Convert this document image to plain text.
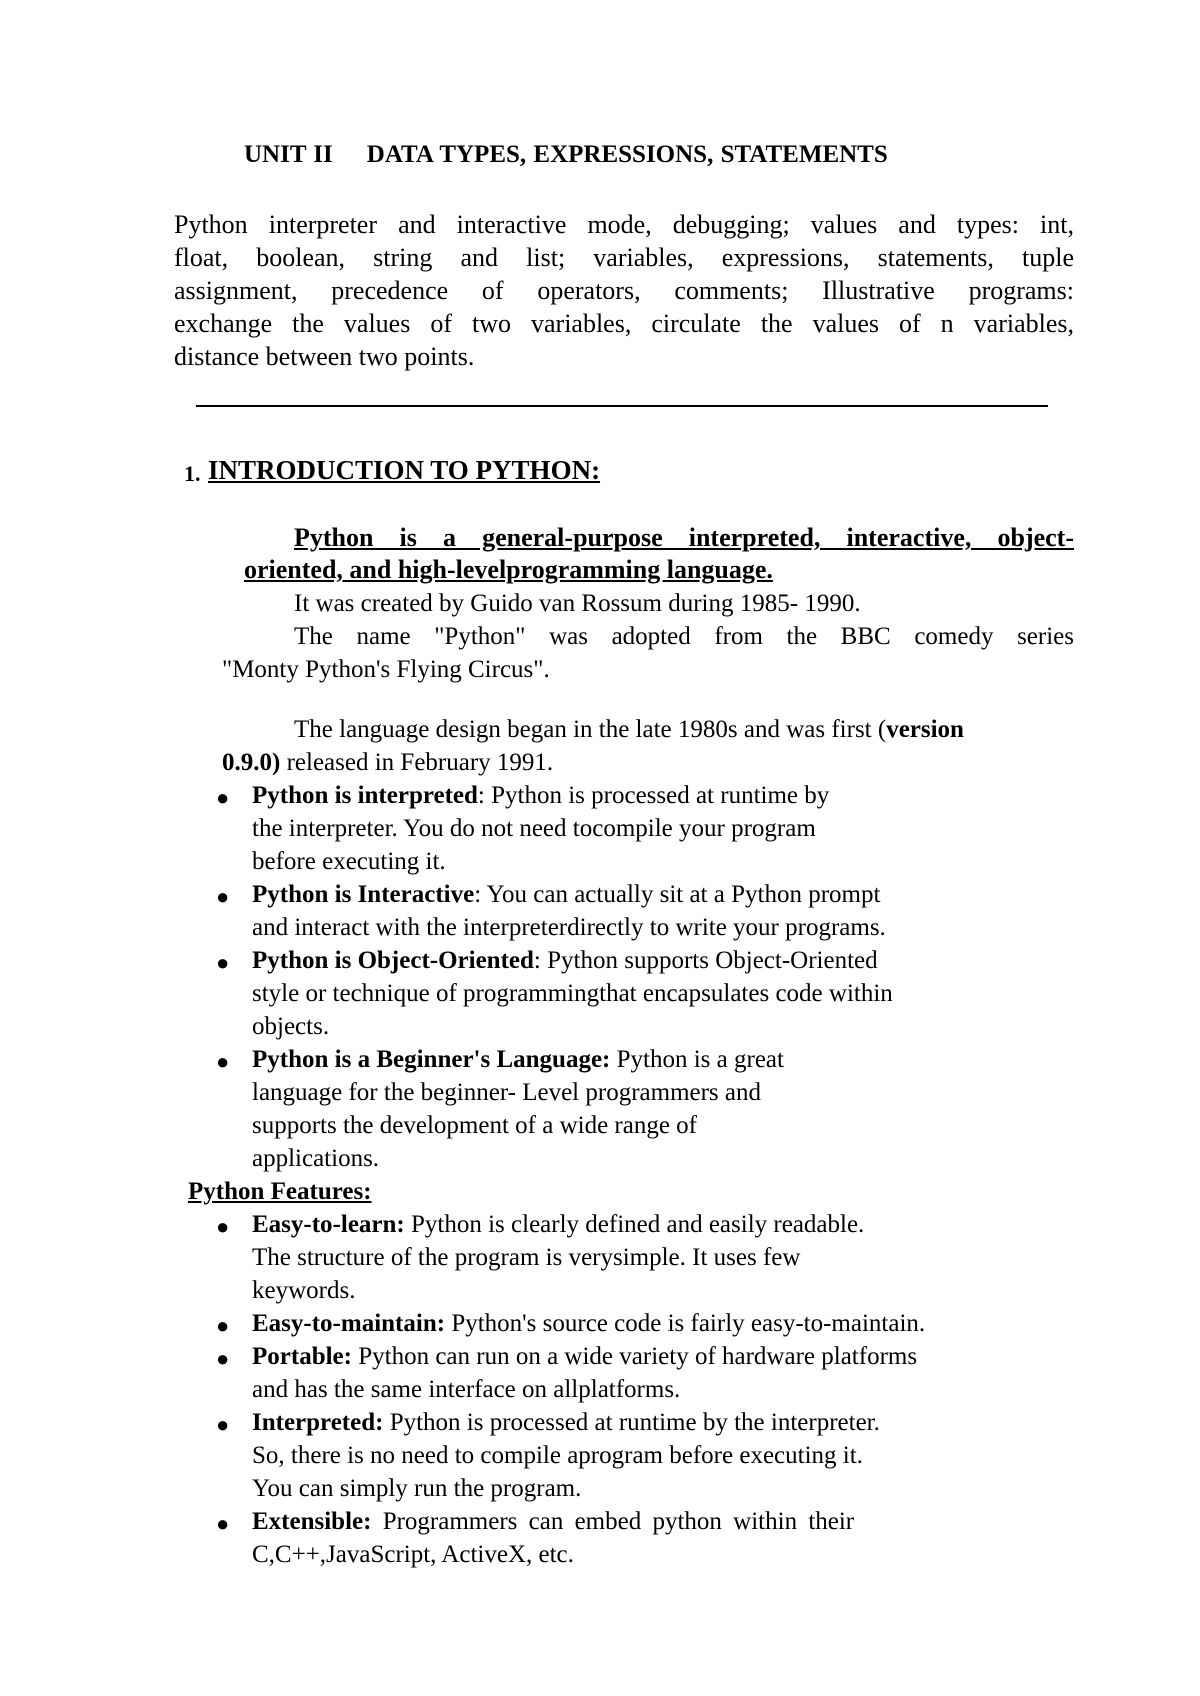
UNIT II DATA TYPES, EXPRESSIONS, STATEMENTS
Python interpreter and interactive mode, debugging; values and types: int,
float, boolean, string and list; variables, expressions, statements, tuple
assignment, precedence of operators, comments; Illustrative programs:
exchange the values of two variables, circulate the values of n variables,
distance between two points.
1. INTRODUCTION TO PYTHON:
Python is a general-purpose interpreted, interactive, object-
oriented, and high-levelprogramming language.
It was created by Guido van Rossum during 1985- 1990.
The name "Python" was adopted from the BBC comedy series
"Monty Python's Flying Circus".
The language design began in the late 1980s and was first (version
0.9.0) released in February 1991.
● Python is interpreted: Python is processed at runtime by
the interpreter. You do not need tocompile your program
before executing it.
● Python is Interactive: You can actually sit at a Python prompt
and interact with the interpreterdirectly to write your programs.
● Python is Object-Oriented: Python supports Object-Oriented
style or technique of programmingthat encapsulates code within
objects.
● Python is a Beginner's Language: Python is a great
language for the beginner- Level programmers and
supports the development of a wide range of
applications.
Python Features:
● Easy-to-learn: Python is clearly defined and easily readable.
The structure of the program is verysimple. It uses few
keywords.
● Easy-to-maintain: Python's source code is fairly easy-to-maintain.
● Portable: Python can run on a wide variety of hardware platforms
and has the same interface on allplatforms.
● Interpreted: Python is processed at runtime by the interpreter.
So, there is no need to compile aprogram before executing it.
You can simply run the program.
● Extensible: Programmers can embed python within their
C,C++,JavaScript, ActiveX, etc.
